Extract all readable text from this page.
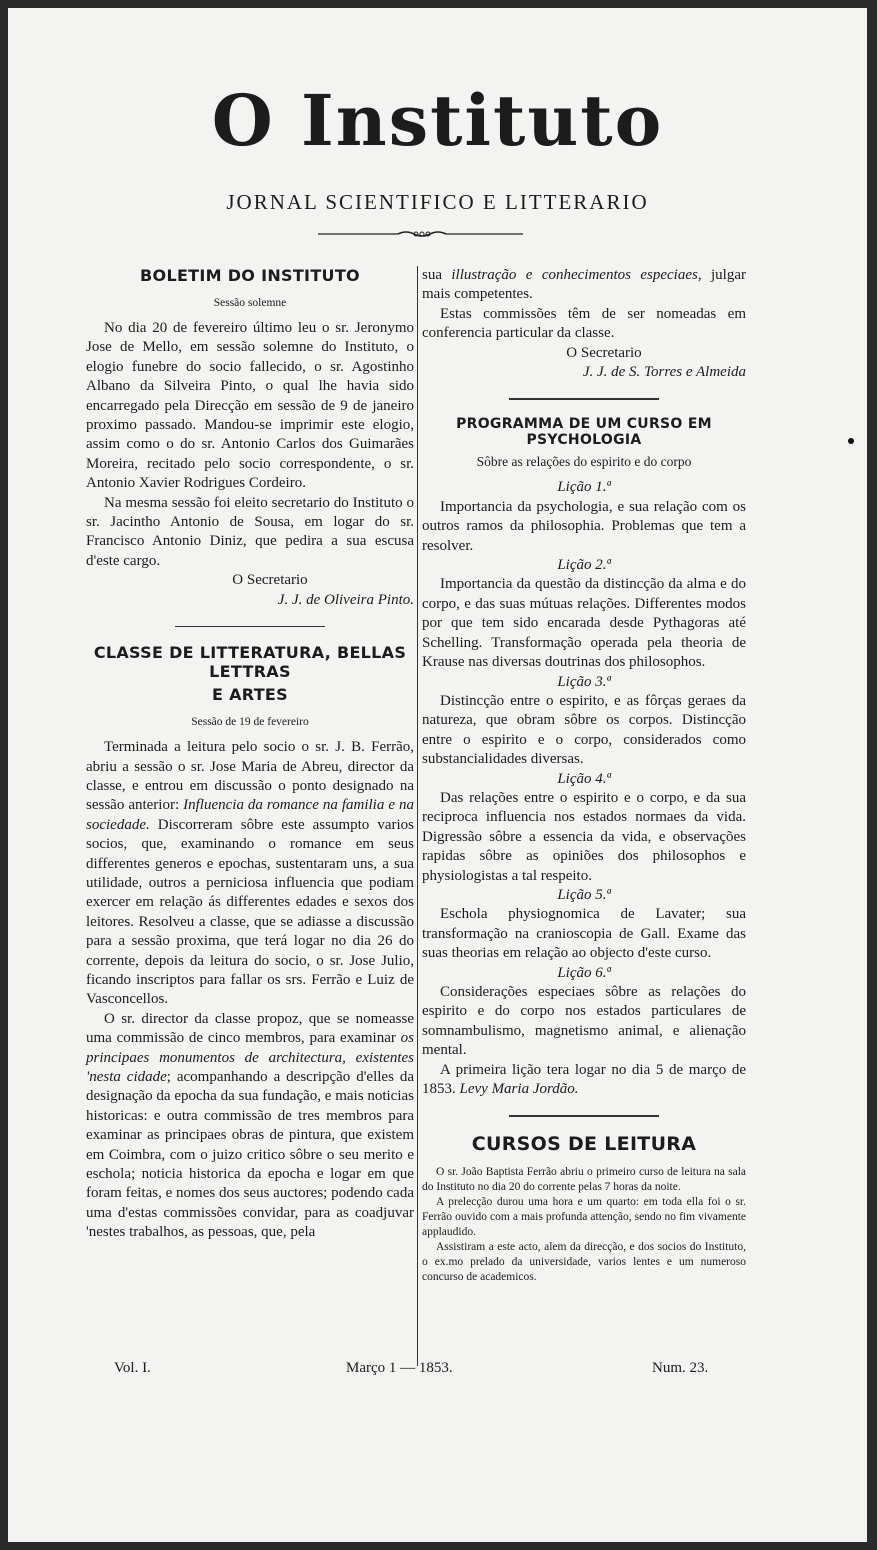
O Instituto
JORNAL SCIENTIFICO E LITTERARIO
BOLETIM DO INSTITUTO
Sessão solemne

No dia 20 de fevereiro último leu o sr. Jeronymo Jose de Mello, em sessão solemne do Instituto, o elogio funebre do socio fallecido, o sr. Agostinho Albano da Silveira Pinto, o qual lhe havia sido encarregado pela Direcção em sessão de 9 de janeiro proximo passado. Mandou-se imprimir este elogio, assim como o do sr. Antonio Carlos dos Guimarães Moreira, recitado pelo socio correspondente, o sr. Antonio Xavier Rodrigues Cordeiro.

Na mesma sessão foi eleito secretario do Instituto o sr. Jacintho Antonio de Sousa, em logar do sr. Francisco Antonio Diniz, que pedira a sua escusa d'este cargo.

O Secretario
J. J. de Oliveira Pinto.
CLASSE DE LITTERATURA, BELLAS LETTRAS
E ARTES
Sessão de 19 de fevereiro

Terminada a leitura pelo socio o sr. J. B. Ferrão, abriu a sessão o sr. Jose Maria de Abreu, director da classe, e entrou em discussão o ponto designado na sessão anterior: Influencia da romance na familia e na sociedade. Discorreram sôbre este assumpto varios socios, que, examinando o romance em seus differentes generos e epochas, sustentaram uns, a sua utilidade, outros a perniciosa influencia que podiam exercer em relação ás differentes edades e sexos dos leitores. Resolveu a classe, que se adiasse a discussão para a sessão proxima, que terá logar no dia 26 do corrente, depois da leitura do socio, o sr. Jose Julio, ficando inscriptos para fallar os srs. Ferrão e Luiz de Vasconcellos.

O sr. director da classe propoz, que se nomeasse uma commissão de cinco membros, para examinar os principaes monumentos de architectura, existentes 'nesta cidade; acompanhando a descripção d'elles da designação da epocha da sua fundação, e mais noticias historicas: e outra commissão de tres membros para examinar as principaes obras de pintura, que existem em Coimbra, com o juizo critico sôbre o seu merito e eschola; noticia historica da epocha e logar em que foram feitas, e nomes dos seus auctores; podendo cada uma d'estas commissões convidar, para as coadjuvar 'nestes trabalhos, as pessoas, que, pela

sua illustração e conhecimentos especiaes, julgar mais competentes.

Estas commissões têm de ser nomeadas em conferencia particular da classe.

O Secretario
J. J. de S. Torres e Almeida
PROGRAMMA DE UM CURSO EM PSYCHOLOGIA
Sôbre as relações do espirito e do corpo
Lição 1.ª

Importancia da psychologia, e sua relação com os outros ramos da philosophia. Problemas que tem a resolver.

Lição 2.ª

Importancia da questão da distincção da alma e do corpo, e das suas mútuas relações. Differentes modos por que tem sido encarada desde Pythagoras até Schelling. Transformação operada pela theoria de Krause nas diversas doutrinas dos philosophos.

Lição 3.ª

Distincção entre o espirito, e as fôrças geraes da natureza, que obram sôbre os corpos. Distincção entre o espirito e o corpo, considerados como substancialidades diversas.

Lição 4.ª

Das relações entre o espirito e o corpo, e da sua reciproca influencia nos estados normaes da vida. Digressão sôbre a essencia da vida, e observações rapidas sôbre as opiniões dos philosophos e physiologistas a tal respeito.

Lição 5.ª

Eschola physiognomica de Lavater; sua transformação na cranioscopia de Gall. Exame das suas theorias em relação ao objecto d'este curso.

Lição 6.ª

Considerações especiaes sôbre as relações do espirito e do corpo nos estados particulares de somnambulismo, magnetismo animal, e alienação mental.

A primeira lição tera logar no dia 5 de março de 1853. Levy Maria Jordão.

CURSOS DE LEITURA

O sr. João Baptista Ferrão abriu o primeiro curso de leitura na sala do Instituto no dia 20 do corrente pelas 7 horas da noite.

A prelecção durou uma hora e um quarto: em toda ella foi o sr. Ferrão ouvido com a mais profunda attenção, sendo no fim vivamente applaudido.

Assistiram a este acto, alem da direcção, e dos socios do Instituto, o ex.mo prelado da universidade, varios lentes e um numeroso concurso de academicos.

Vol. I.	Março 1 — 1853.	Num. 23.
